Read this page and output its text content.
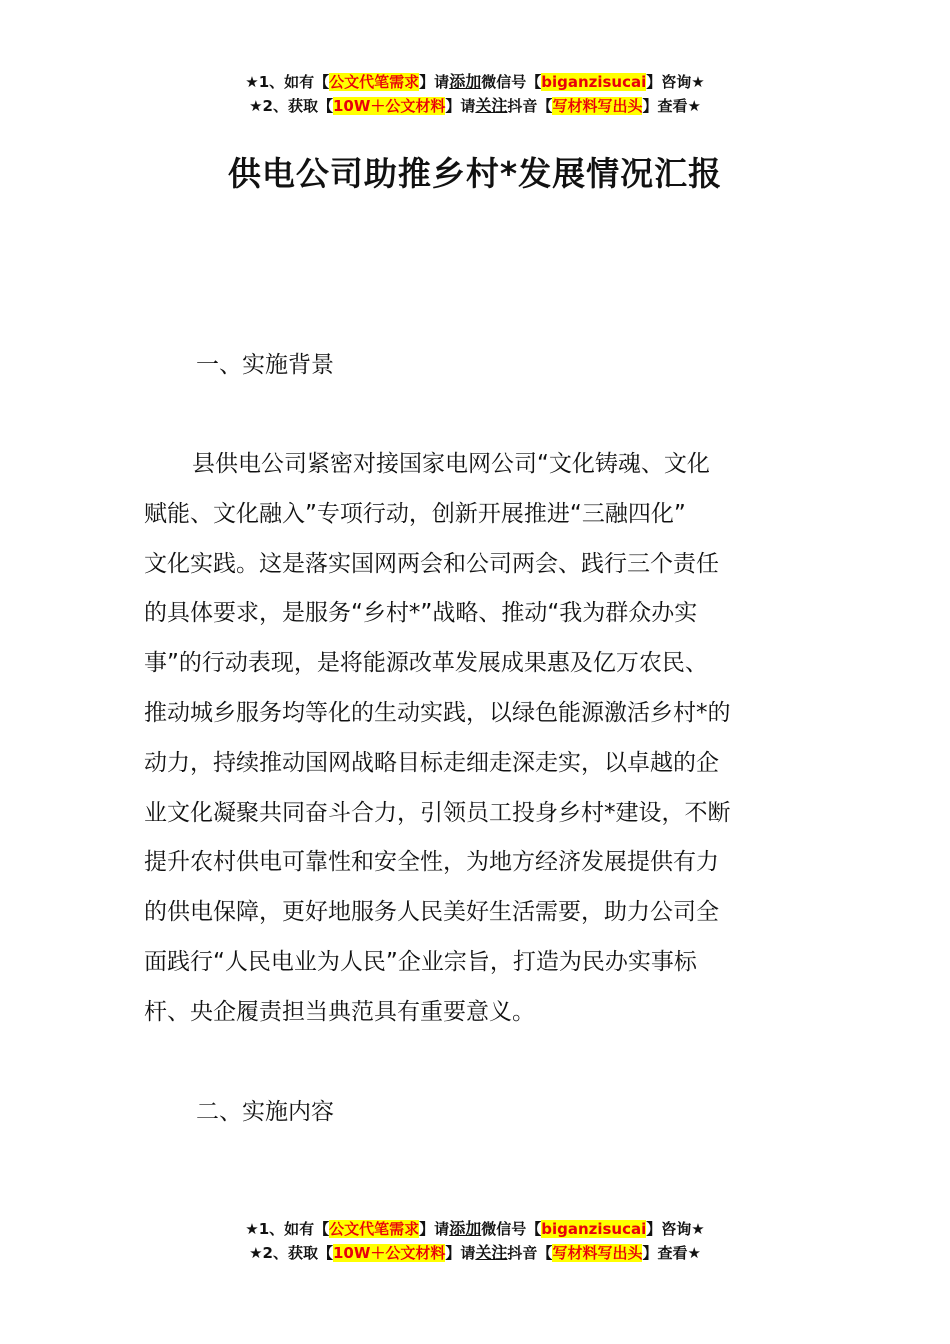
★1、如有【公文代笔需求】请添加微信号【biganzisucai】咨询★
★2、获取【10W＋公文材料】请关注抖音【写材料写出头】查看★
供电公司助推乡村*发展情况汇报
一、实施背景
县供电公司紧密对接国家电网公司“文化铸魂、文化
赋能、文化融入”专项行动，创新开展推进“三融四化”
文化实践。这是落实国网两会和公司两会、践行三个责任
的具体要求，是服务“乡村*”战略、推动“我为群众办实
事”的行动表现，是将能源改革发展成果惠及亿万农民、
推动城乡服务均等化的生动实践，以绿色能源激活乡村*的
动力，持续推动国网战略目标走细走深走实，以卓越的企
业文化凝聚共同奋斗合力，引领员工投身乡村*建设，不断
提升农村供电可靠性和安全性，为地方经济发展提供有力
的供电保障，更好地服务人民美好生活需要，助力公司全
面践行“人民电业为人民”企业宗旨，打造为民办实事标
杆、央企履责担当典范具有重要意义。
二、实施内容
★1、如有【公文代笔需求】请添加微信号【biganzisucai】咨询★
★2、获取【10W＋公文材料】请关注抖音【写材料写出头】查看★
